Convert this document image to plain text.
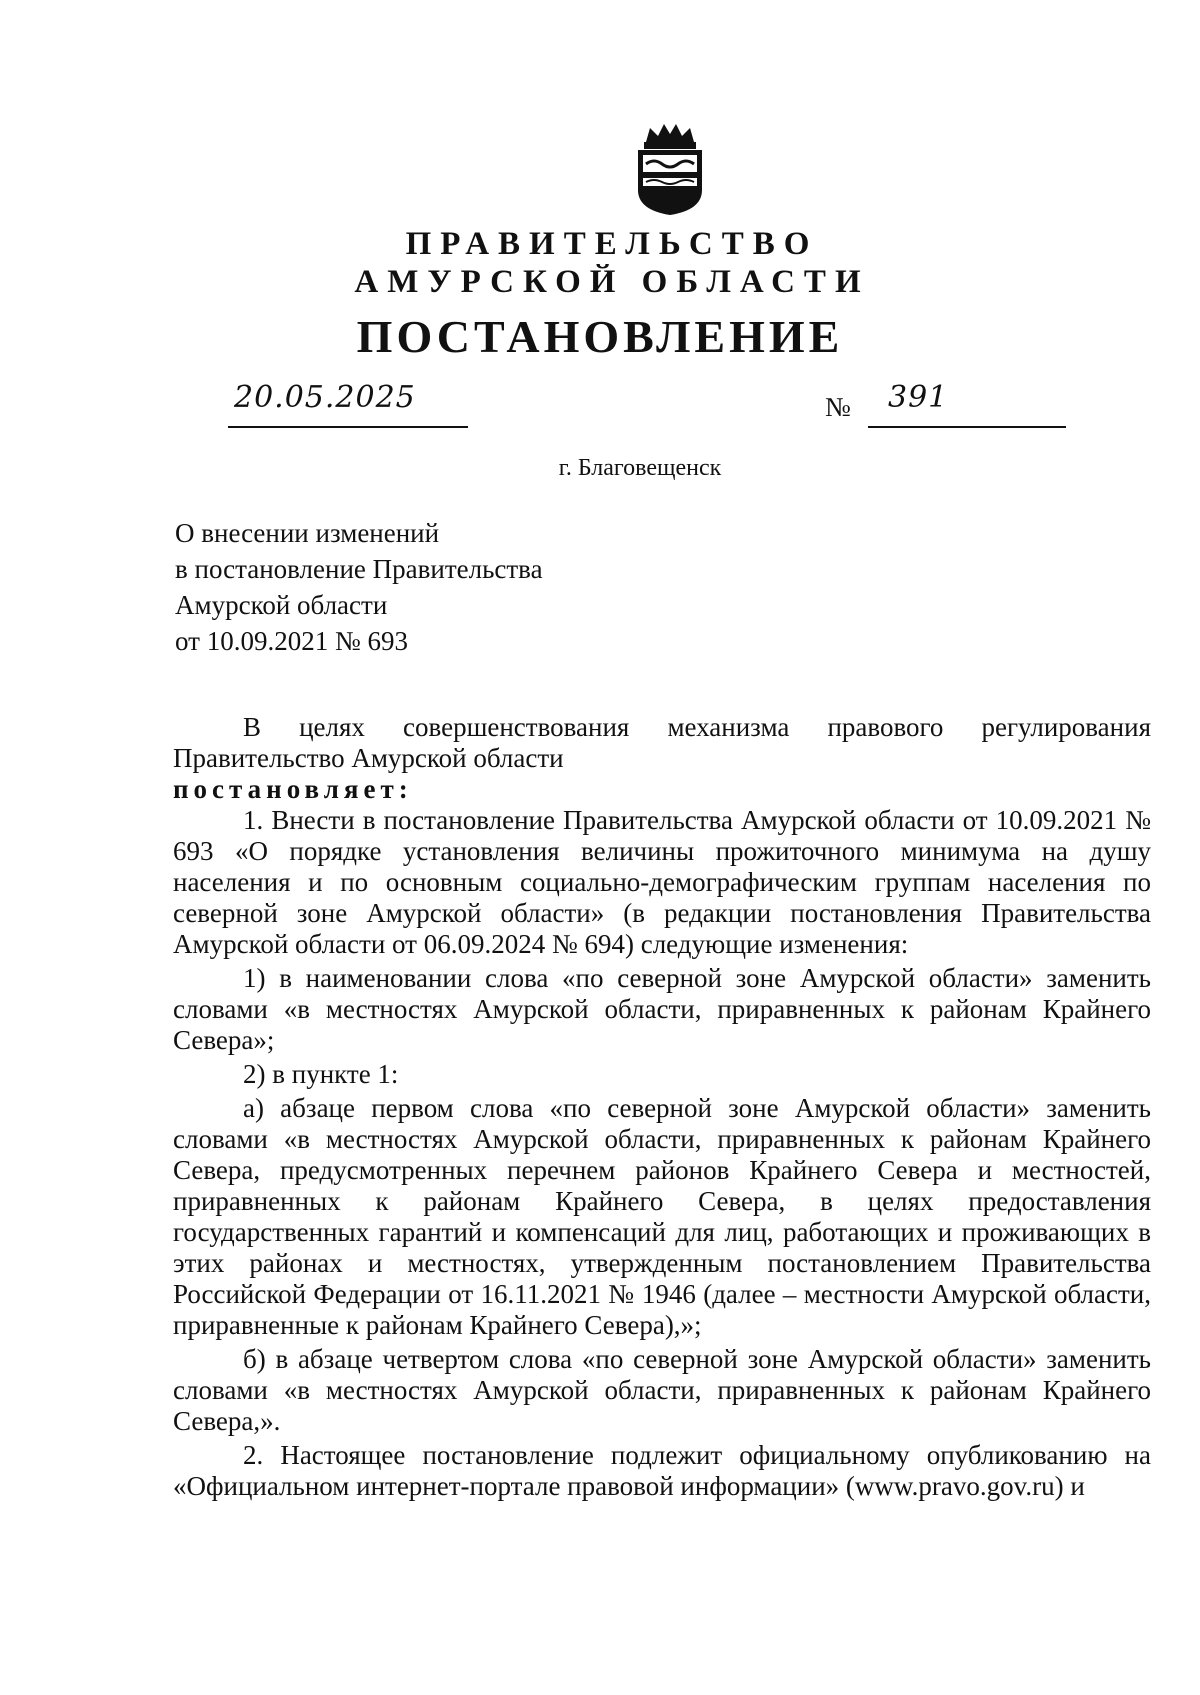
ПРАВИТЕЛЬСТВО
АМУРСКОЙ ОБЛАСТИ
ПОСТАНОВЛЕНИЕ
20.05.2025	№ 391
г. Благовещенск
О внесении изменений
в постановление Правительства
Амурской области
от 10.09.2021 № 693

В целях совершенствования механизма правового регулирования Правительство Амурской области

постановляет:

1. Внести в постановление Правительства Амурской области от 10.09.2021 № 693 «О порядке установления величины прожиточного минимума на душу населения и по основным социально-демографическим группам населения по северной зоне Амурской области» (в редакции постановления Правительства Амурской области от 06.09.2024 № 694) следующие изменения:

1) в наименовании слова «по северной зоне Амурской области» заменить словами «в местностях Амурской области, приравненных к районам Крайнего Севера»;

2) в пункте 1:

а) абзаце первом слова «по северной зоне Амурской области» заменить словами «в местностях Амурской области, приравненных к районам Крайнего Севера, предусмотренных перечнем районов Крайнего Севера и местностей, приравненных к районам Крайнего Севера, в целях предоставления государственных гарантий и компенсаций для лиц, работающих и проживающих в этих районах и местностях, утвержденным постановлением Правительства Российской Федерации от 16.11.2021 № 1946 (далее – местности Амурской области, приравненные к районам Крайнего Севера),»;

б) в абзаце четвертом слова «по северной зоне Амурской области» заменить словами «в местностях Амурской области, приравненных к районам Крайнего Севера,».

2. Настоящее постановление подлежит официальному опубликованию на «Официальном интернет-портале правовой информации» (www.pravo.gov.ru) и
